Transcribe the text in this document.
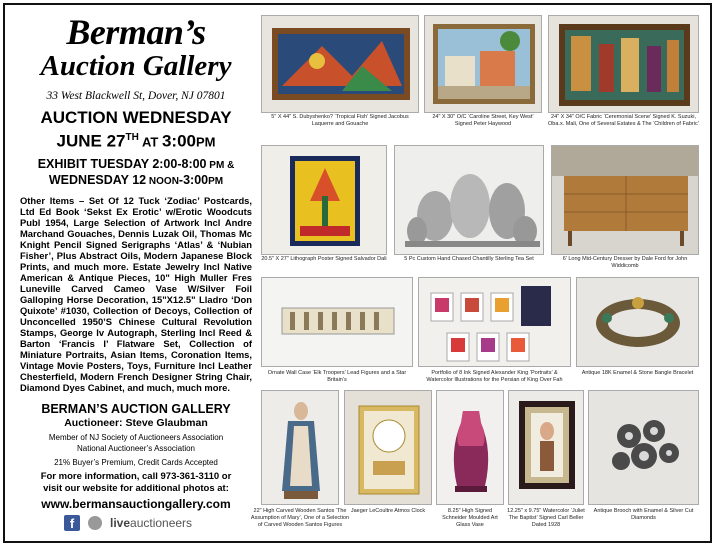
Berman’s
Auction Gallery
33 West Blackwell St, Dover, NJ 07801
AUCTION WEDNESDAY
JUNE 27TH AT 3:00PM
EXHIBIT TUESDAY 2:00-8:00 PM &
WEDNESDAY 12 NOON-3:00PM
Other Items – Set Of 12 Tuck ‘Zodiac’ Postcards, Ltd Ed Book ‘Sekst Ex Erotic’ w/Erotic Woodcuts Publ 1954, Large Selection of Artwork Incl Andre Marchand Gouaches, Dennis Luzak Oil, Thomas Mc Knight Pencil Signed Serigraphs ‘Atlas’ & ‘Nubian Fisher’, Plus Abstract Oils, Modern Japanese Block Prints, and much more. Estate Jewelry Incl Native American & Antique Pieces, 10" High Muller Fres Luneville Carved Cameo Vase W/Silver Foil Galloping Horse Decoration, 15"X12.5" Lladro ‘Don Quixote’ #1030, Collection of Decoys, Collection of Unconcelled 1950’S Chinese Cultural Revolution Stamps, George Iv Autograph, Sterling Incl Reed & Barton ‘Francis I’ Flatware Set, Collection of Miniature Portraits, Asian Items, Coronation Items, Vintage Movie Posters, Toys, Furniture Incl Leather Chesterfield, Modern French Designer String Chair, Diamond Dyes Cabinet, and much, much more.
BERMAN’S AUCTION GALLERY
Auctioneer: Steve Glaubman
Member of NJ Society of Auctioneers Association
National Auctioneer’s Association
21% Buyer’s Premium, Credit Cards Accepted
For more information, call 973-361-3110 or
visit our website for additional photos at:
www.bermansauctiongallery.com
f	liveauctioneers
5" X 44" S. Dubyshenko? ‘Tropical Fish’ Signed Jacobus Laquerre and Gouache
24" X 30" O/C ‘Caroline Street, Key West’ Signed Peter Haywood
24" X 34" O/C Fabric ‘Ceremonial Scene’ Signed K. Suzuki, Oba.x. Mali, One of Several Estates & The ‘Children of Fabric’
20.5" X 27" Lithograph Poster Signed Salvador Dali	5 Pc Custom Hand Chased Chantilly Sterling Tea Set	6' Long Mid-Century Dresser by Dale Ford for John Widdicomb
Ornate Wall Case ‘Elk Troopers’ Lead Figures and a Star Britain’s
Portfolio of 8 Ink Signed Alexander King ‘Portraits’ & Watercolor Illustrations for the Persian of King Over Fah
Antique 18K Enamel & Stone Bangle Bracelet
22" High Carved Wooden Santos ‘The Assumption of Mary’, One of a Selection of Carved Wooden Santos Figures
Jaeger LeCoultre Atmos Clock	8.25" High Signed Schneider Moulded Art Glass Vase
12.25" x 9.75" Watercolor ‘Juliet The Baptist’ Signed Carl Beller Dated 1928
Antique Brooch with Enamel & Silver Cut Diamonds
